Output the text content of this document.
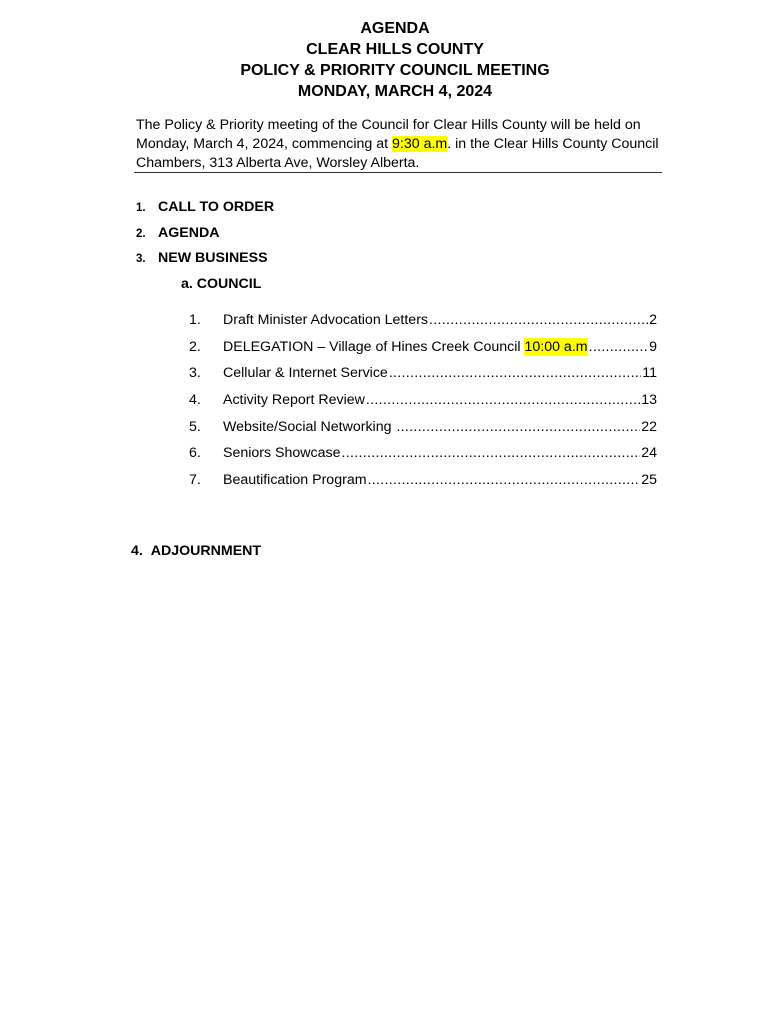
AGENDA
CLEAR HILLS COUNTY
POLICY & PRIORITY COUNCIL MEETING
MONDAY, MARCH 4, 2024
The Policy & Priority meeting of the Council for Clear Hills County will be held on Monday, March 4, 2024, commencing at 9:30 a.m. in the Clear Hills County Council Chambers, 313 Alberta Ave, Worsley Alberta.
1. CALL TO ORDER
2. AGENDA
3. NEW BUSINESS
a. COUNCIL
1. Draft Minister Advocation Letters .....	2
2. DELEGATION – Village of Hines Creek Council 10:00 a.m .....	9
3. Cellular & Internet Service .....	11
4. Activity Report Review .....	13
5. Website/Social Networking .....	22
6. Seniors Showcase .....	24
7. Beautification Program .....	25
4. ADJOURNMENT
